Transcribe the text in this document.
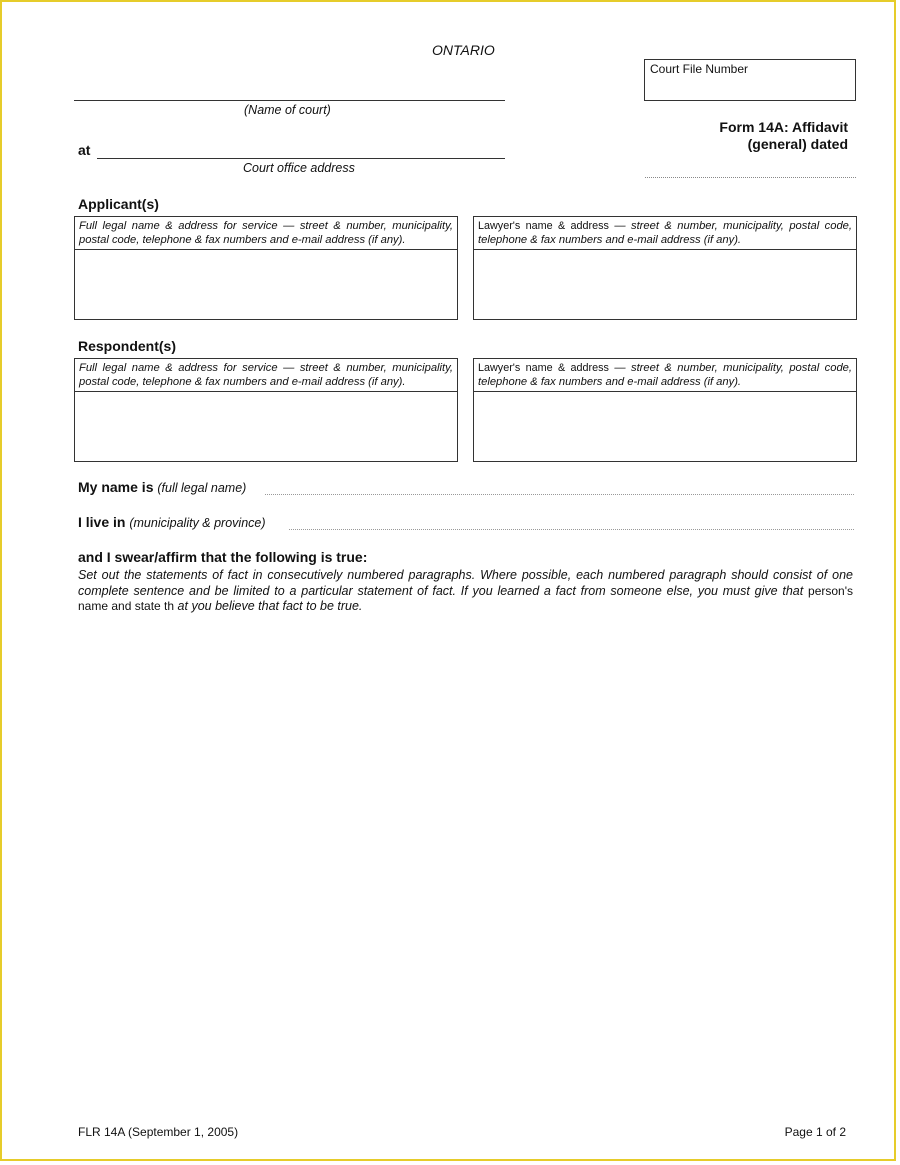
ONTARIO
(Name of court)
at
Court office address
Court File Number
Form 14A: Affidavit
(general) dated
Applicant(s)
Full legal name & address for service — street & number, municipality, postal code, telephone & fax numbers and e-mail address (if any).
Lawyer's name & address — street & number, municipality, postal code, telephone & fax numbers and e-mail address (if any).
Respondent(s)
Full legal name & address for service — street & number, municipality, postal code, telephone & fax numbers and e-mail address (if any).
Lawyer's name & address — street & number, municipality, postal code, telephone & fax numbers and e-mail address (if any).
My name is (full legal name)
I live in (municipality & province)
and I swear/affirm that the following is true:
Set out the statements of fact in consecutively numbered paragraphs. Where possible, each numbered paragraph should consist of one complete sentence and be limited to a particular statement of fact. If you learned a fact from someone else, you must give that person's name and state th at you believe that fact to be true.
FLR 14A (September 1, 2005)	Page 1 of 2
